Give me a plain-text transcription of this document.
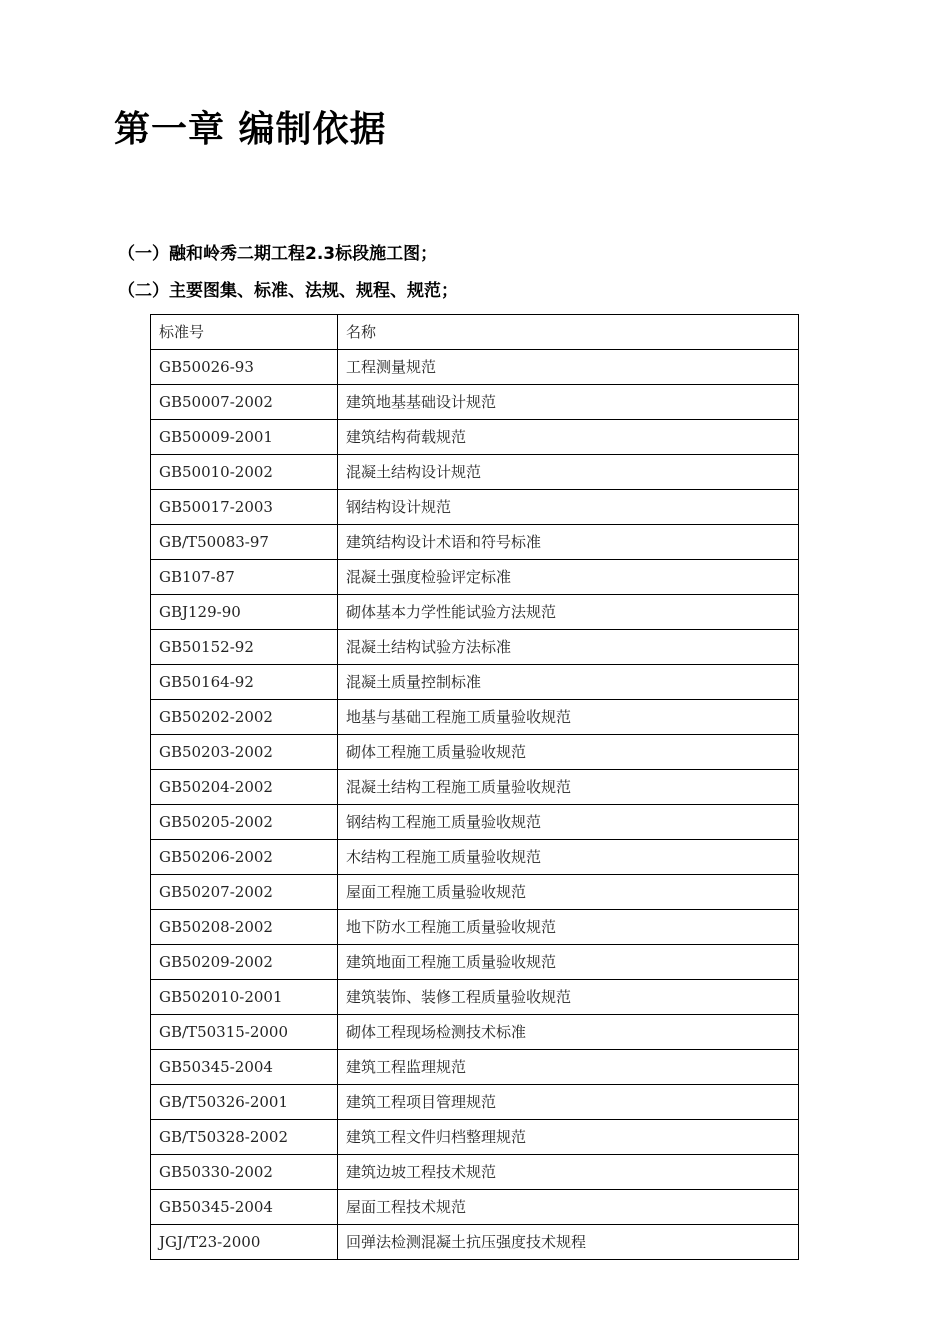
第一章 编制依据

（一）融和岭秀二期工程2.3标段施工图；

（二）主要图集、标准、法规、规程、规范；

标准号	名称
GB50026-93	工程测量规范
GB50007-2002	建筑地基基础设计规范
GB50009-2001	建筑结构荷载规范
GB50010-2002	混凝土结构设计规范
GB50017-2003	钢结构设计规范
GB/T50083-97	建筑结构设计术语和符号标准
GB107-87	混凝土强度检验评定标准
GBJ129-90	砌体基本力学性能试验方法规范
GB50152-92	混凝土结构试验方法标准
GB50164-92	混凝土质量控制标准
GB50202-2002	地基与基础工程施工质量验收规范
GB50203-2002	砌体工程施工质量验收规范
GB50204-2002	混凝土结构工程施工质量验收规范
GB50205-2002	钢结构工程施工质量验收规范
GB50206-2002	木结构工程施工质量验收规范
GB50207-2002	屋面工程施工质量验收规范
GB50208-2002	地下防水工程施工质量验收规范
GB50209-2002	建筑地面工程施工质量验收规范
GB502010-2001	建筑装饰、装修工程质量验收规范
GB/T50315-2000	砌体工程现场检测技术标准
GB50345-2004	建筑工程监理规范
GB/T50326-2001	建筑工程项目管理规范
GB/T50328-2002	建筑工程文件归档整理规范
GB50330-2002	建筑边坡工程技术规范
GB50345-2004	屋面工程技术规范
JGJ/T23-2000	回弹法检测混凝土抗压强度技术规程
